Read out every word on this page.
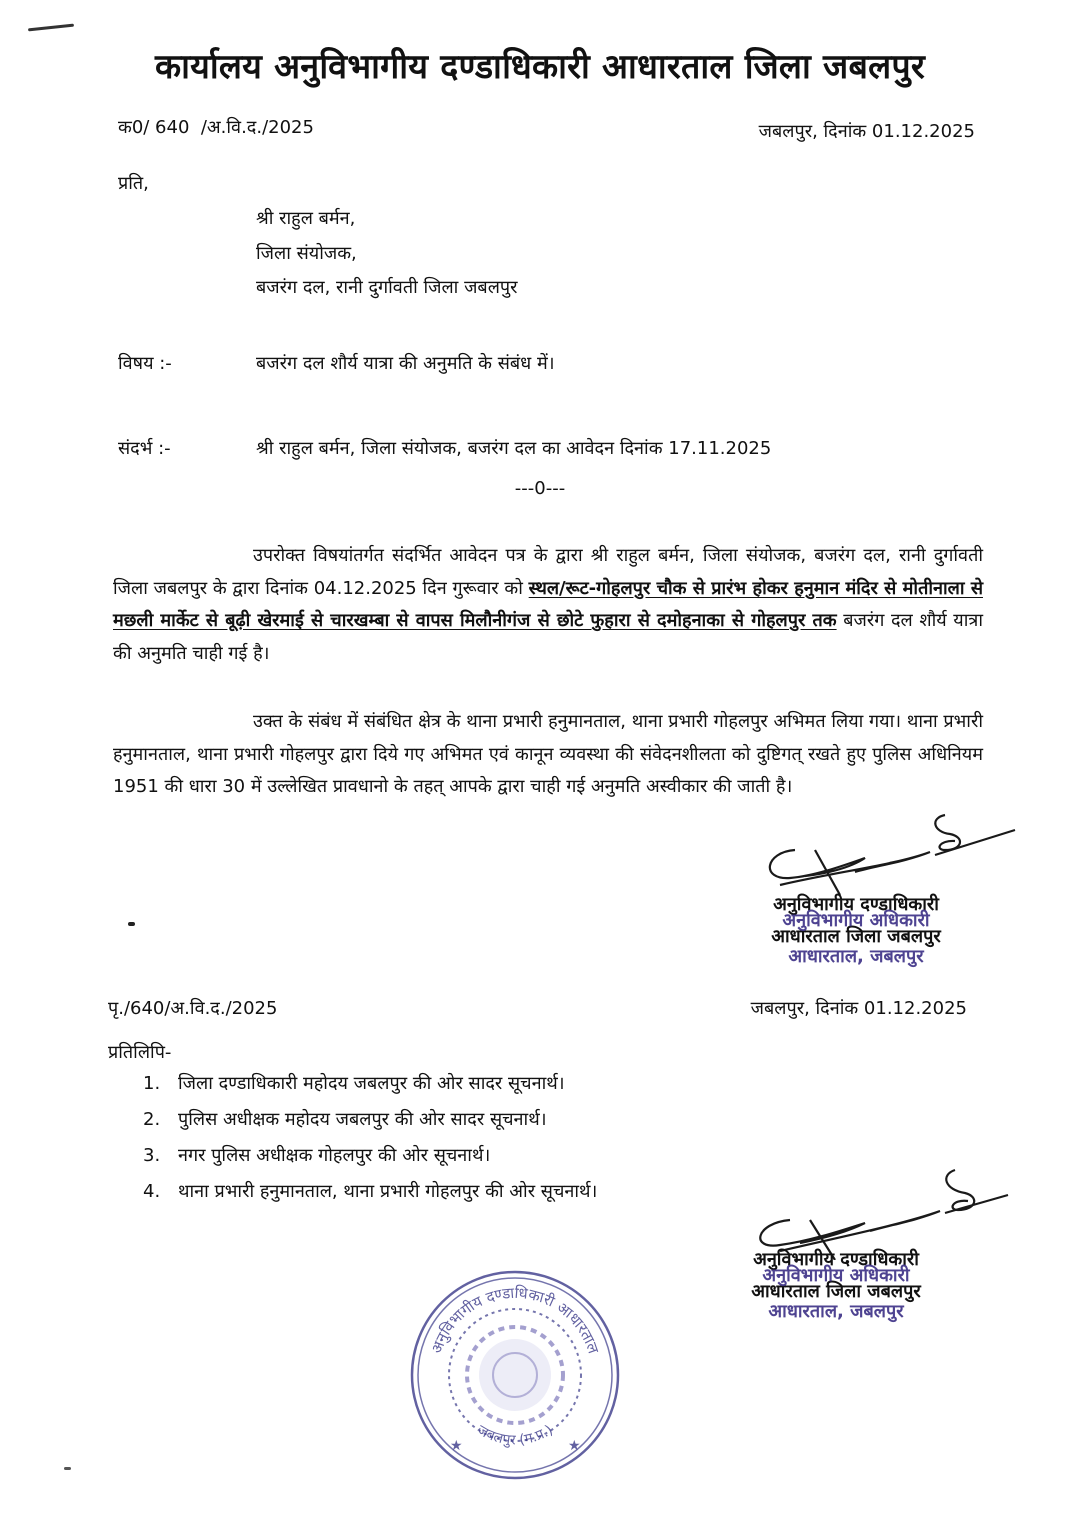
कार्यालय अनुविभागीय दण्डाधिकारी आधारताल जिला जबलपुर
क0/ 640  /अ.वि.द./2025	जबलपुर, दिनांक 01.12.2025
प्रति,
श्री राहुल बर्मन,
जिला संयोजक,
बजरंग दल, रानी दुर्गावती जिला जबलपुर
विषय :-	बजरंग दल शौर्य यात्रा की अनुमति के संबंध में।
संदर्भ :-	श्री राहुल बर्मन, जिला संयोजक, बजरंग दल का आवेदन दिनांक 17.11.2025
---0---
उपरोक्त विषयांतर्गत संदर्भित आवेदन पत्र के द्वारा श्री राहुल बर्मन, जिला संयोजक, बजरंग दल, रानी दुर्गावती जिला जबलपुर के द्वारा दिनांक 04.12.2025 दिन गुरूवार को स्थल/रूट-गोहलपुर चौक से प्रारंभ होकर हनुमान मंदिर से मोतीनाला से मछली मार्केट से बूढ़ी खेरमाई से चारखम्बा से वापस मिलौनीगंज से छोटे फुहारा से दमोहनाका से गोहलपुर तक बजरंग दल शौर्य यात्रा की अनुमति चाही गई है।
उक्त के संबंध में संबंधित क्षेत्र के थाना प्रभारी हनुमानताल, थाना प्रभारी गोहलपुर अभिमत लिया गया। थाना प्रभारी हनुमानताल, थाना प्रभारी गोहलपुर द्वारा दिये गए अभिमत एवं कानून व्यवस्था की संवेदनशीलता को दुष्टिगत् रखते हुए पुलिस अधिनियम 1951 की धारा 30 में उल्लेखित प्रावधानो के तहत् आपके द्वारा चाही गई अनुमति अस्वीकार की जाती है।
अनुविभागीय दण्डाधिकारी
अनुविभागीय अधिकारी
आधारताल जिला जबलपुर
आधारताल, जबलपुर
पृ./640/अ.वि.द./2025	जबलपुर, दिनांक 01.12.2025
प्रतिलिपि-
1. जिला दण्डाधिकारी महोदय जबलपुर की ओर सादर सूचनार्थ।
2. पुलिस अधीक्षक महोदय जबलपुर की ओर सादर सूचनार्थ।
3. नगर पुलिस अधीक्षक गोहलपुर की ओर सूचनार्थ।
4. थाना प्रभारी हनुमानताल, थाना प्रभारी गोहलपुर की ओर सूचनार्थ।
अनुविभागीय दण्डाधिकारी
अनुविभागीय अधिकारी
आधारताल जिला जबलपुर
आधारताल, जबलपुर
अनुविभागीय दण्डाधिकारी आधारताल
जबलपुर (म.प्र.)
★	★
